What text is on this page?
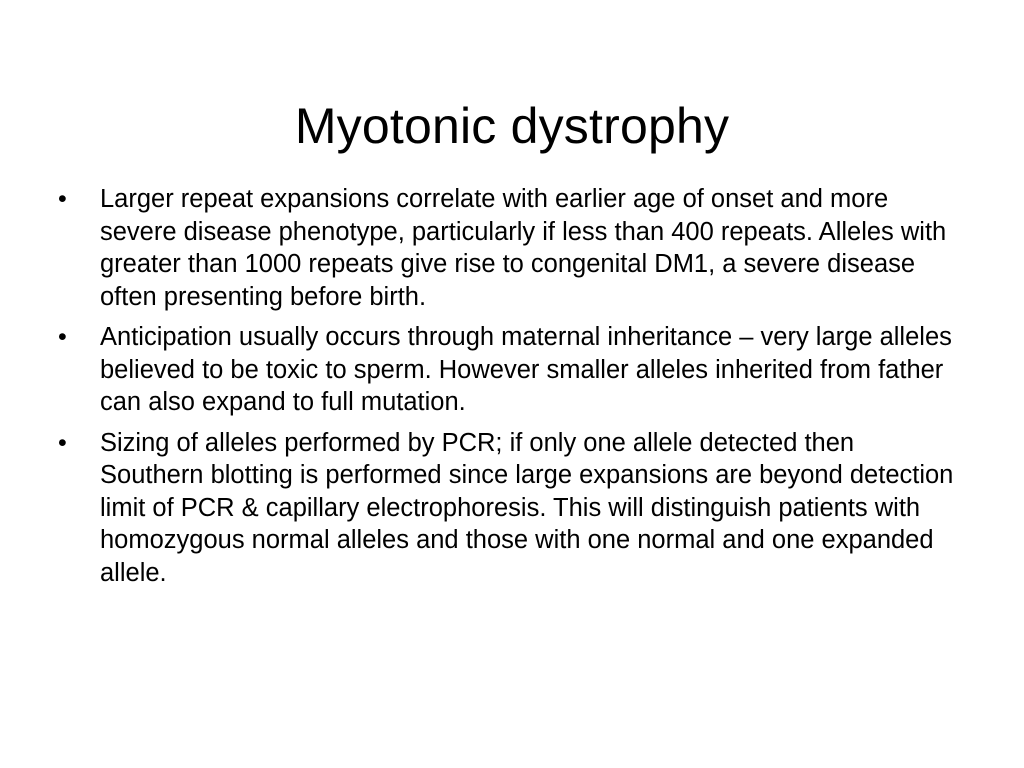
Myotonic dystrophy
•	Larger repeat expansions correlate with earlier age of onset and more severe disease phenotype, particularly if less than 400 repeats. Alleles with greater than 1000 repeats give rise to congenital DM1, a severe disease often presenting before birth.
•	Anticipation usually occurs through maternal inheritance – very large alleles believed to be toxic to sperm. However smaller alleles inherited from father can also expand to full mutation.
•	Sizing of alleles performed by PCR; if only one allele detected then Southern blotting is performed since large expansions are beyond detection limit of PCR & capillary electrophoresis. This will distinguish patients with homozygous normal alleles and those with one normal and one expanded allele.
